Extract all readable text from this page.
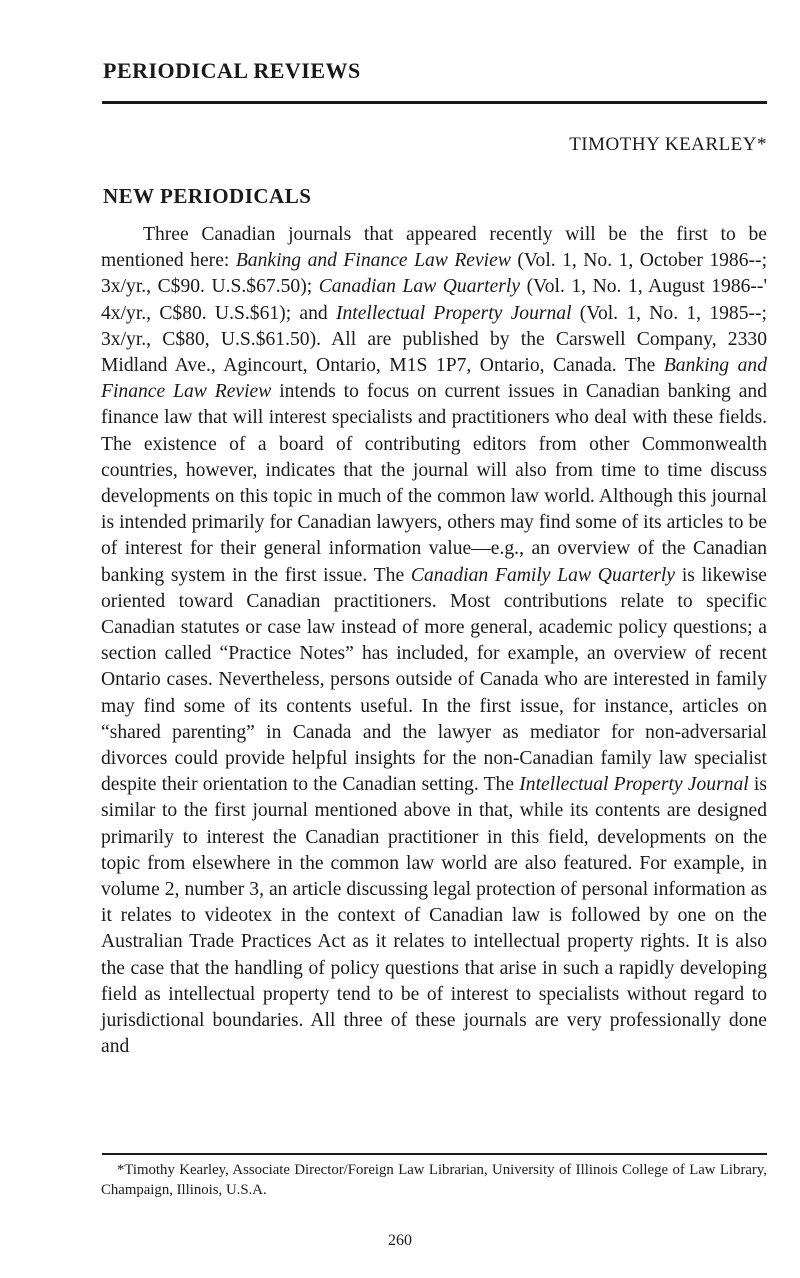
PERIODICAL REVIEWS
TIMOTHY KEARLEY*
NEW PERIODICALS

Three Canadian journals that appeared recently will be the first to be mentioned here: Banking and Finance Law Review (Vol. 1, No. 1, October 1986--; 3x/yr., C$90. U.S.$67.50); Canadian Law Quarterly (Vol. 1, No. 1, August 1986--' 4x/yr., C$80. U.S.$61); and Intellectual Property Journal (Vol. 1, No. 1, 1985--; 3x/yr., C$80, U.S.$61.50). All are published by the Carswell Company, 2330 Midland Ave., Agincourt, Ontario, M1S 1P7, Ontario, Canada. The Banking and Finance Law Review intends to focus on current issues in Canadian banking and finance law that will interest specialists and practitioners who deal with these fields. The existence of a board of contributing editors from other Commonwealth countries, however, indicates that the journal will also from time to time discuss developments on this topic in much of the common law world. Although this journal is intended primarily for Canadian lawyers, others may find some of its articles to be of interest for their general information value—e.g., an overview of the Canadian banking system in the first issue. The Canadian Family Law Quarterly is likewise oriented toward Canadian practitioners. Most contributions relate to specific Canadian statutes or case law instead of more general, academic policy questions; a section called “Practice Notes” has included, for example, an overview of recent Ontario cases. Nevertheless, persons outside of Canada who are interested in family may find some of its contents useful. In the first issue, for instance, articles on “shared parenting” in Canada and the lawyer as mediator for non-adversarial divorces could provide helpful insights for the non-Canadian family law specialist despite their orientation to the Canadian setting. The Intellectual Property Journal is similar to the first journal mentioned above in that, while its contents are designed primarily to interest the Canadian practitioner in this field, developments on the topic from elsewhere in the common law world are also featured. For example, in volume 2, number 3, an article discussing legal protection of personal information as it relates to videotex in the context of Canadian law is followed by one on the Australian Trade Practices Act as it relates to intellectual property rights. It is also the case that the handling of policy questions that arise in such a rapidly developing field as intellectual property tend to be of interest to specialists without regard to jurisdictional boundaries. All three of these journals are very professionally done and

*Timothy Kearley, Associate Director/Foreign Law Librarian, University of Illinois College of Law Library, Champaign, Illinois, U.S.A.

260
